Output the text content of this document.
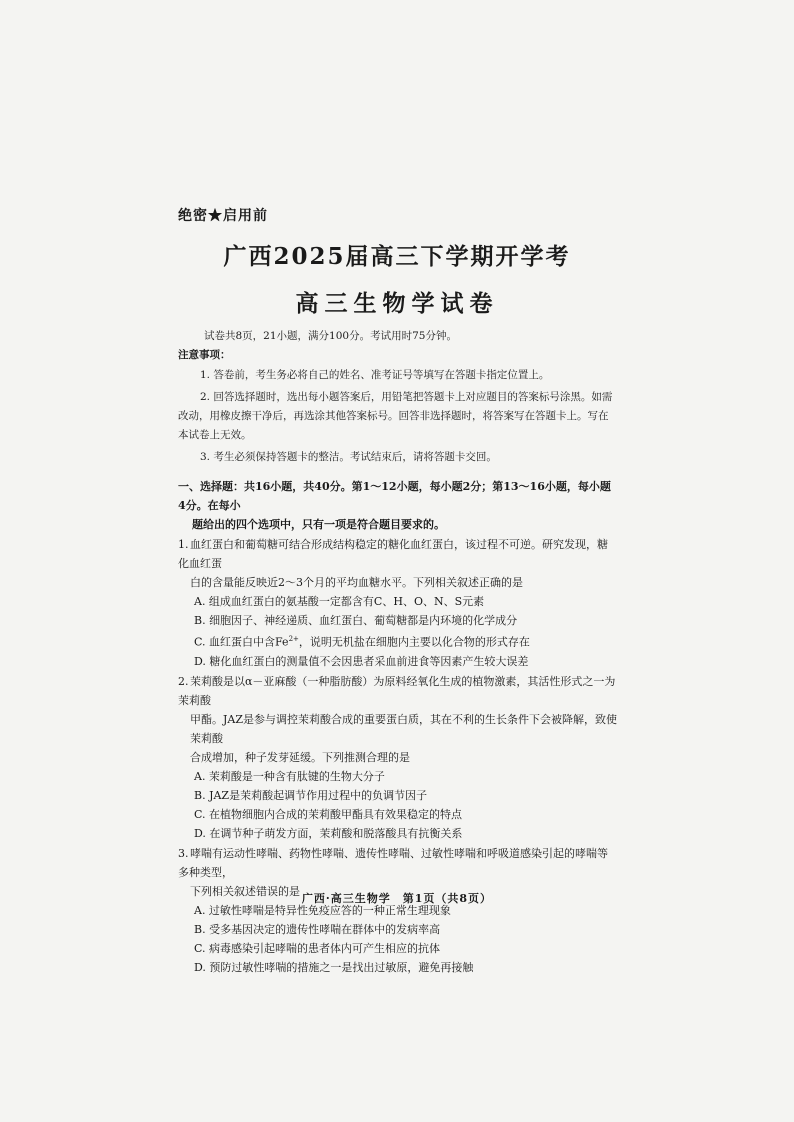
绝密★启用前
广西2025届高三下学期开学考
高三生物学试卷
试卷共8页，21小题，满分100分。考试用时75分钟。
注意事项：

1. 答卷前，考生务必将自己的姓名、准考证号等填写在答题卡指定位置上。

2. 回答选择题时，选出每小题答案后，用铅笔把答题卡上对应题目的答案标号涂黑。如需改动，用橡皮擦干净后，再选涂其他答案标号。回答非选择题时，将答案写在答题卡上。写在本试卷上无效。

3. 考生必须保持答题卡的整洁。考试结束后，请将答题卡交回。

一、选择题：共16小题，共40分。第1～12小题，每小题2分；第13～16小题，每小题4分。在每小
题给出的四个选项中，只有一项是符合题目要求的。
1. 血红蛋白和葡萄糖可结合形成结构稳定的糖化血红蛋白，该过程不可逆。研究发现，糖化血红蛋
白的含量能反映近2～3个月的平均血糖水平。下列相关叙述正确的是
A. 组成血红蛋白的氨基酸一定都含有C、H、O、N、S元素
B. 细胞因子、神经递质、血红蛋白、葡萄糖都是内环境的化学成分
C. 血红蛋白中含$Fe^{2+}$，说明无机盐在细胞内主要以化合物的形式存在
D. 糖化血红蛋白的测量值不会因患者采血前进食等因素产生较大误差
2. 茉莉酸是以α－亚麻酸（一种脂肪酸）为原料经氧化生成的植物激素，其活性形式之一为茉莉酸
甲酯。JAZ是参与调控茉莉酸合成的重要蛋白质，其在不利的生长条件下会被降解，致使茉莉酸
合成增加，种子发芽延缓。下列推测合理的是
A. 茉莉酸是一种含有肽键的生物大分子
B. JAZ是茉莉酸起调节作用过程中的负调节因子
C. 在植物细胞内合成的茉莉酸甲酯具有效果稳定的特点
D. 在调节种子萌发方面，茉莉酸和脱落酸具有抗衡关系
3. 哮喘有运动性哮喘、药物性哮喘、遗传性哮喘、过敏性哮喘和呼吸道感染引起的哮喘等多种类型，
下列相关叙述错误的是
A. 过敏性哮喘是特异性免疫应答的一种正常生理现象
B. 受多基因决定的遗传性哮喘在群体中的发病率高
C. 病毒感染引起哮喘的患者体内可产生相应的抗体
D. 预防过敏性哮喘的措施之一是找出过敏原，避免再接触
广西·高三生物学　第1页（共8页）
